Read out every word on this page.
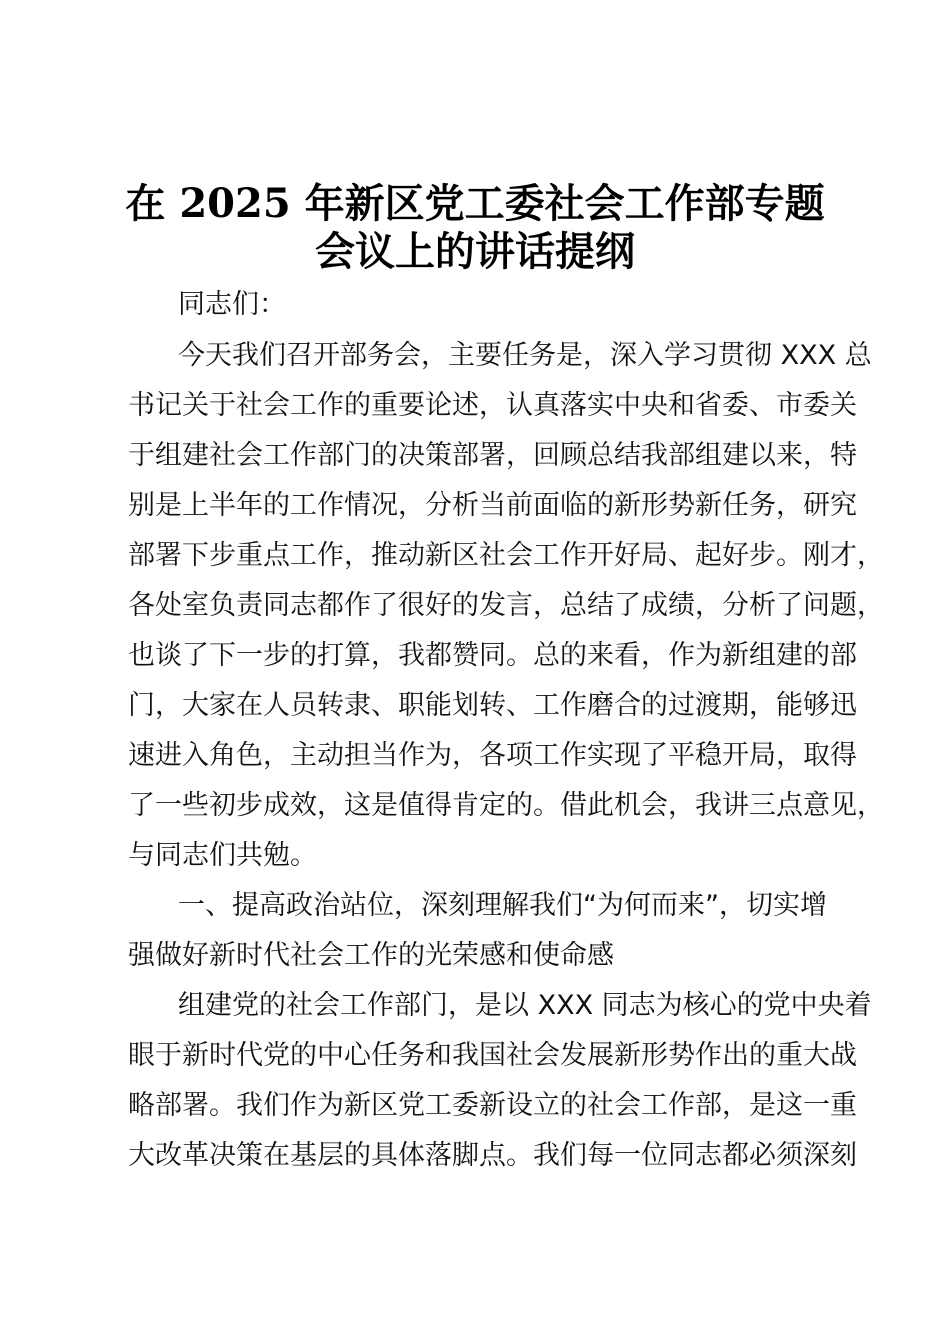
在 2025 年新区党工委社会工作部专题
会议上的讲话提纲
同志们：
今天我们召开部务会，主要任务是，深入学习贯彻 XXX 总
书记关于社会工作的重要论述，认真落实中央和省委、市委关
于组建社会工作部门的决策部署，回顾总结我部组建以来，特
别是上半年的工作情况，分析当前面临的新形势新任务，研究
部署下步重点工作，推动新区社会工作开好局、起好步。刚才，
各处室负责同志都作了很好的发言，总结了成绩，分析了问题，
也谈了下一步的打算，我都赞同。总的来看，作为新组建的部
门，大家在人员转隶、职能划转、工作磨合的过渡期，能够迅
速进入角色，主动担当作为，各项工作实现了平稳开局，取得
了一些初步成效，这是值得肯定的。借此机会，我讲三点意见，
与同志们共勉。
一、提高政治站位，深刻理解我们“为何而来”，切实增
强做好新时代社会工作的光荣感和使命感
组建党的社会工作部门，是以 XXX 同志为核心的党中央着
眼于新时代党的中心任务和我国社会发展新形势作出的重大战
略部署。我们作为新区党工委新设立的社会工作部，是这一重
大改革决策在基层的具体落脚点。我们每一位同志都必须深刻
